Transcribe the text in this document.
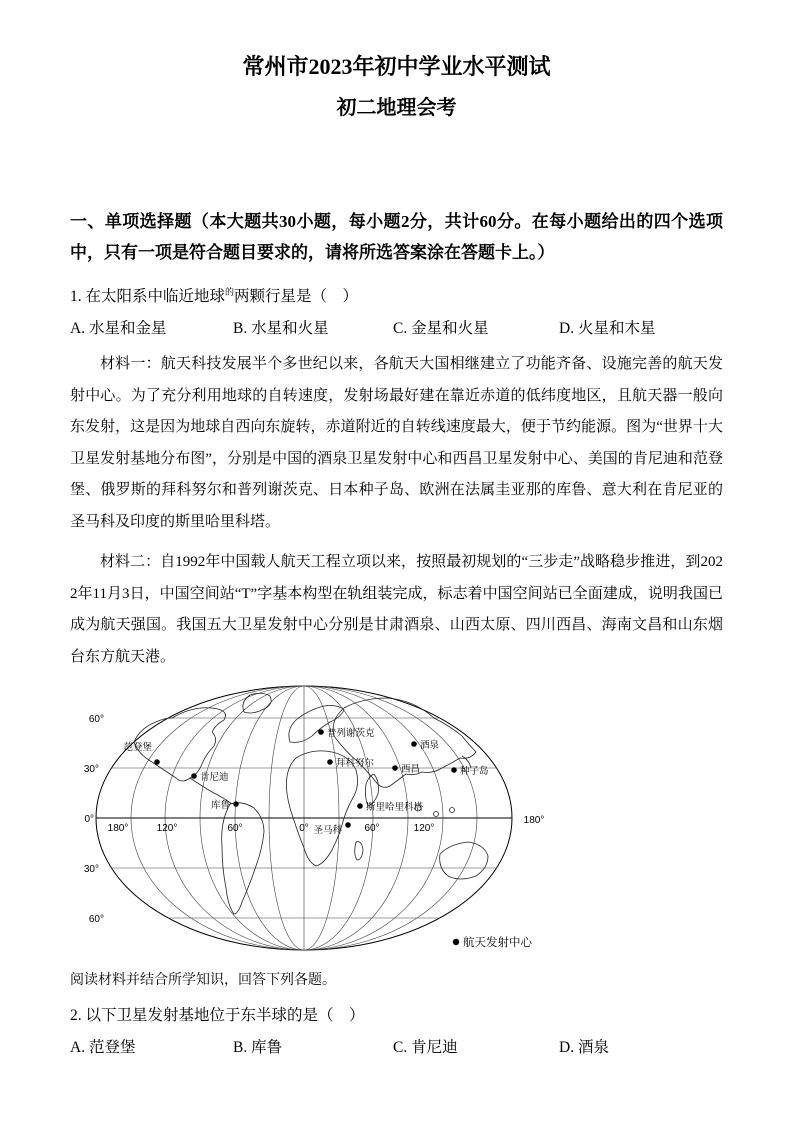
常州市2023年初中学业水平测试
初二地理会考
一、单项选择题（本大题共30小题，每小题2分，共计60分。在每小题给出的四个选项中，只有一项是符合题目要求的，请将所选答案涂在答题卡上。）
1. 在太阳系中临近地球$^的$两颗行星是（　）
A. 水星和金星	B. 水星和火星	C. 金星和火星	D. 火星和木星

材料一：航天科技发展半个多世纪以来，各航天大国相继建立了功能齐备、设施完善的航天发射中心。为了充分利用地球的自转速度，发射场最好建在靠近赤道的低纬度地区，且航天器一般向东发射，这是因为地球自西向东旋转，赤道附近的自转线速度最大，便于节约能源。图为“世界十大卫星发射基地分布图”，分别是中国的酒泉卫星发射中心和西昌卫星发射中心、美国的肯尼迪和范登堡、俄罗斯的拜科努尔和普列谢茨克、日本种子岛、欧洲在法属圭亚那的库鲁、意大利在肯尼亚的圣马科及印度的斯里哈里科塔。

材料二：自1992年中国载人航天工程立项以来，按照最初规划的“三步走”战略稳步推进，到2022年11月3日，中国空间站“T”字基本构型在轨组装完成，标志着中国空间站已全面建成，说明我国已成为航天强国。我国五大卫星发射中心分别是甘肃酒泉、山西太原、四川西昌、海南文昌和山东烟台东方航天港。

60°
30°
0°
30°
60°
180°	120°	60°	0°	60°	120°
180°
范登堡
肯尼迪
库鲁
普列谢茨克
拜科努尔
酒泉
西昌	种子岛
斯里哈里科塔
圣马科
航天发射中心
阅读材料并结合所学知识，回答下列各题。
2. 以下卫星发射基地位于东半球的是（　）
A. 范登堡	B. 库鲁	C. 肯尼迪	D. 酒泉
